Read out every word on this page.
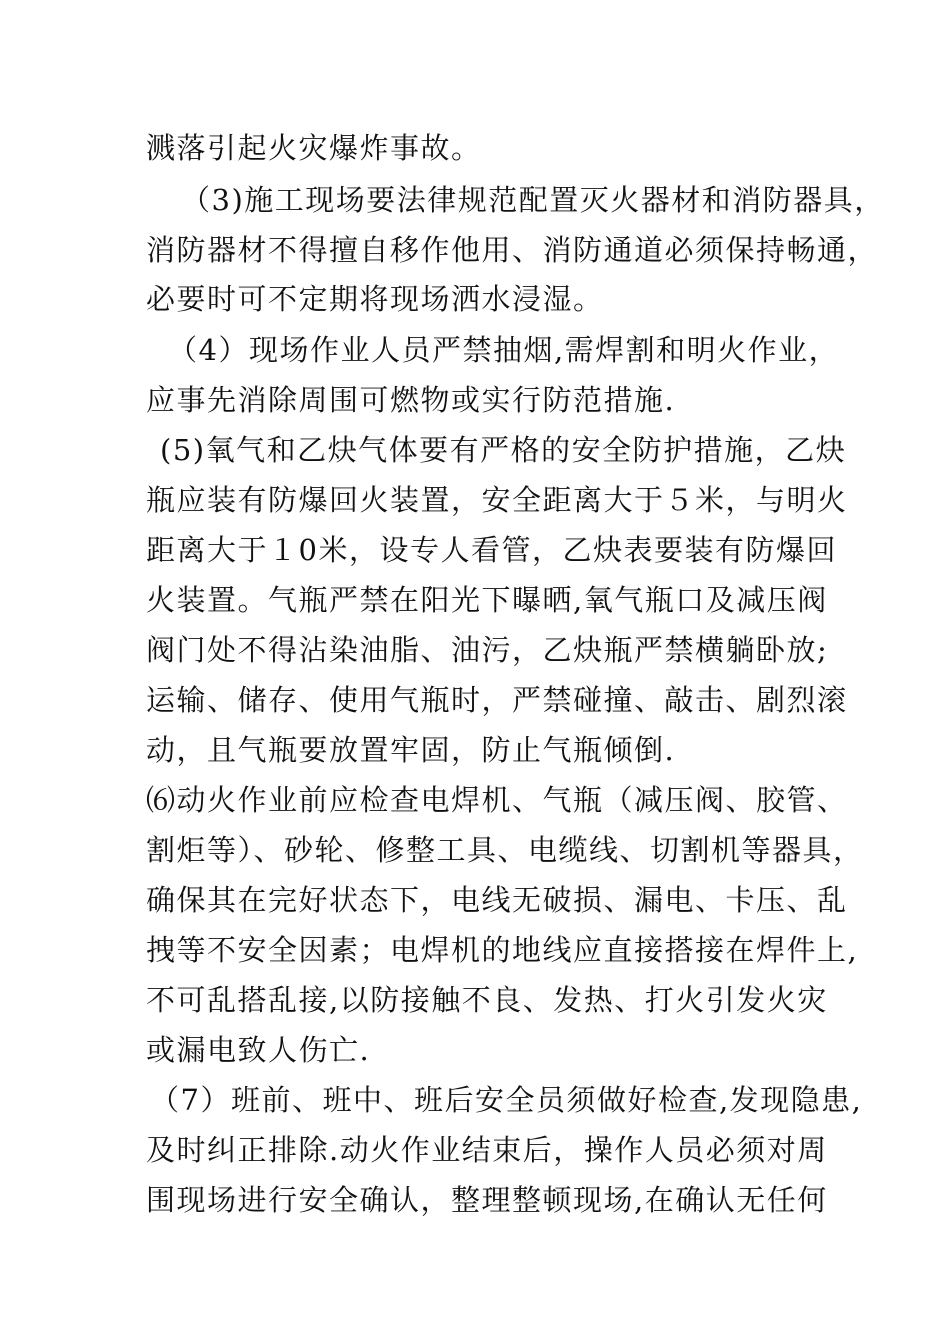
溅落引起火灾爆炸事故。

（3)施工现场要法律规范配置灭火器材和消防器具，

消防器材不得擅自移作他用、消防通道必须保持畅通，

必要时可不定期将现场洒水浸湿。

（4）现场作业人员严禁抽烟,需焊割和明火作业，

应事先消除周围可燃物或实行防范措施.

(5)氧气和乙炔气体要有严格的安全防护措施，乙炔

瓶应装有防爆回火装置，安全距离大于５米，与明火

距离大于１0米，设专人看管，乙炔表要装有防爆回

火装置。气瓶严禁在阳光下曝晒,氧气瓶口及减压阀

阀门处不得沾染油脂、油污，乙炔瓶严禁横躺卧放;

运输、储存、使用气瓶时，严禁碰撞、敲击、剧烈滚

动，且气瓶要放置牢固，防止气瓶倾倒.

⑹动火作业前应检查电焊机、气瓶（减压阀、胶管、

割炬等）、砂轮、修整工具、电缆线、切割机等器具，

确保其在完好状态下，电线无破损、漏电、卡压、乱

拽等不安全因素；电焊机的地线应直接搭接在焊件上,

不可乱搭乱接,以防接触不良、发热、打火引发火灾

或漏电致人伤亡.

（7）班前、班中、班后安全员须做好检查,发现隐患,

及时纠正排除.动火作业结束后，操作人员必须对周

围现场进行安全确认，整理整顿现场,在确认无任何
